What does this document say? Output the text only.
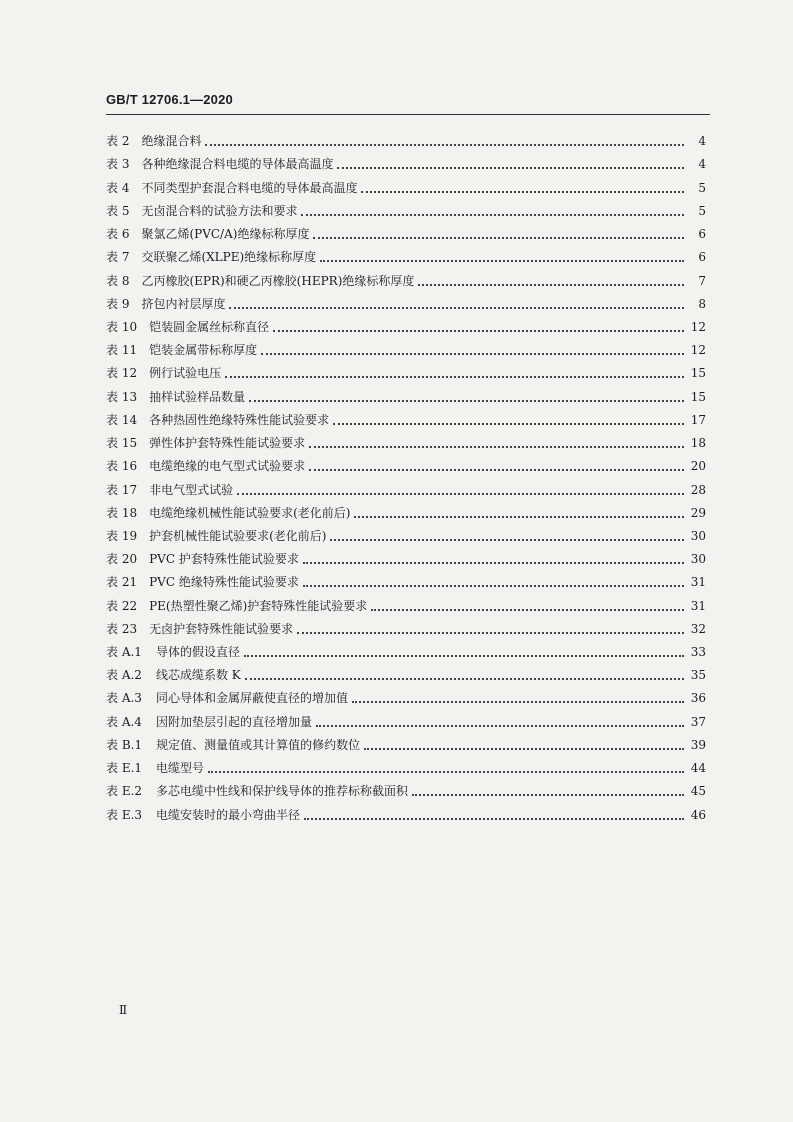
GB/T 12706.1—2020
表 2 绝缘混合料	4
表 3 各种绝缘混合料电缆的导体最高温度	4
表 4 不同类型护套混合料电缆的导体最高温度	5
表 5 无卤混合料的试验方法和要求	5
表 6 聚氯乙烯(PVC/A)绝缘标称厚度	6
表 7 交联聚乙烯(XLPE)绝缘标称厚度	6
表 8 乙丙橡胶(EPR)和硬乙丙橡胶(HEPR)绝缘标称厚度	7
表 9 挤包内衬层厚度	8
表 10 铠装圆金属丝标称直径	12
表 11 铠装金属带标称厚度	12
表 12 例行试验电压	15
表 13 抽样试验样品数量	15
表 14 各种热固性绝缘特殊性能试验要求	17
表 15 弹性体护套特殊性能试验要求	18
表 16 电缆绝缘的电气型式试验要求	20
表 17 非电气型式试验	28
表 18 电缆绝缘机械性能试验要求(老化前后)	29
表 19 护套机械性能试验要求(老化前后)	30
表 20 PVC 护套特殊性能试验要求	30
表 21 PVC 绝缘特殊性能试验要求	31
表 22 PE(热塑性聚乙烯)护套特殊性能试验要求	31
表 23 无卤护套特殊性能试验要求	32
表 A.1 导体的假设直径	33
表 A.2 线芯成缆系数 K	35
表 A.3 同心导体和金属屏蔽使直径的增加值	36
表 A.4 因附加垫层引起的直径增加量	37
表 B.1 规定值、测量值或其计算值的修约数位	39
表 E.1 电缆型号	44
表 E.2 多芯电缆中性线和保护线导体的推荐标称截面积	45
表 E.3 电缆安装时的最小弯曲半径	46
Ⅱ
